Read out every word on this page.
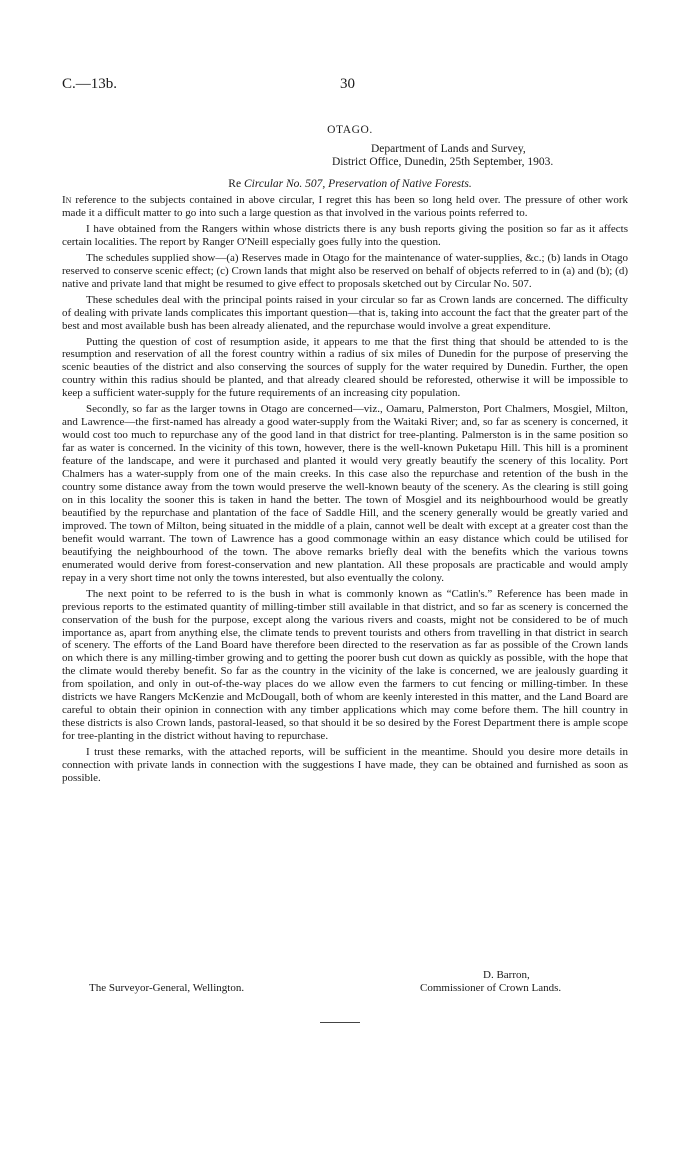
C.—13b.	30
OTAGO.
Department of Lands and Survey,
District Office, Dunedin, 25th September, 1903.
Re Circular No. 507, Preservation of Native Forests.

In reference to the subjects contained in above circular, I regret this has been so long held over. The pressure of other work made it a difficult matter to go into such a large question as that involved in the various points referred to.

I have obtained from the Rangers within whose districts there is any bush reports giving the position so far as it affects certain localities. The report by Ranger O'Neill especially goes fully into the question.

The schedules supplied show—(a) Reserves made in Otago for the maintenance of water-supplies, &c.; (b) lands in Otago reserved to conserve scenic effect; (c) Crown lands that might also be reserved on behalf of objects referred to in (a) and (b); (d) native and private land that might be resumed to give effect to proposals sketched out by Circular No. 507.

These schedules deal with the principal points raised in your circular so far as Crown lands are concerned. The difficulty of dealing with private lands complicates this important question—that is, taking into account the fact that the greater part of the best and most available bush has been already alienated, and the repurchase would involve a great expenditure.

Putting the question of cost of resumption aside, it appears to me that the first thing that should be attended to is the resumption and reservation of all the forest country within a radius of six miles of Dunedin for the purpose of preserving the scenic beauties of the district and also conserving the sources of supply for the water required by Dunedin. Further, the open country within this radius should be planted, and that already cleared should be reforested, otherwise it will be impossible to keep a sufficient water-supply for the future requirements of an increasing city population.

Secondly, so far as the larger towns in Otago are concerned—viz., Oamaru, Palmerston, Port Chalmers, Mosgiel, Milton, and Lawrence—the first-named has already a good water-supply from the Waitaki River; and, so far as scenery is concerned, it would cost too much to repurchase any of the good land in that district for tree-planting. Palmerston is in the same position so far as water is concerned. In the vicinity of this town, however, there is the well-known Puketapu Hill. This hill is a prominent feature of the landscape, and were it purchased and planted it would very greatly beautify the scenery of this locality. Port Chalmers has a water-supply from one of the main creeks. In this case also the repurchase and retention of the bush in the country some distance away from the town would preserve the well-known beauty of the scenery. As the clearing is still going on in this locality the sooner this is taken in hand the better. The town of Mosgiel and its neighbourhood would be greatly beautified by the repurchase and plantation of the face of Saddle Hill, and the scenery generally would be greatly varied and improved. The town of Milton, being situated in the middle of a plain, cannot well be dealt with except at a greater cost than the benefit would warrant. The town of Lawrence has a good commonage within an easy distance which could be utilised for beautifying the neighbourhood of the town. The above remarks briefly deal with the benefits which the various towns enumerated would derive from forest-conservation and new plantation. All these proposals are practicable and would amply repay in a very short time not only the towns interested, but also eventually the colony.

The next point to be referred to is the bush in what is commonly known as “Catlin's.” Reference has been made in previous reports to the estimated quantity of milling-timber still available in that district, and so far as scenery is concerned the conservation of the bush for the purpose, except along the various rivers and coasts, might not be considered to be of much importance as, apart from anything else, the climate tends to prevent tourists and others from travelling in that district in search of scenery. The efforts of the Land Board have therefore been directed to the reservation as far as possible of the Crown lands on which there is any milling-timber growing and to getting the poorer bush cut down as quickly as possible, with the hope that the climate would thereby benefit. So far as the country in the vicinity of the lake is concerned, we are jealously guarding it from spoilation, and only in out-of-the-way places do we allow even the farmers to cut fencing or milling-timber. In these districts we have Rangers McKenzie and McDougall, both of whom are keenly interested in this matter, and the Land Board are careful to obtain their opinion in connection with any timber applications which may come before them. The hill country in these districts is also Crown lands, pastoral-leased, so that should it be so desired by the Forest Department there is ample scope for tree-planting in the district without having to repurchase.

I trust these remarks, with the attached reports, will be sufficient in the meantime. Should you desire more details in connection with private lands in connection with the suggestions I have made, they can be obtained and furnished as soon as possible.

D. Barron,
The Surveyor-General, Wellington.	Commissioner of Crown Lands.
